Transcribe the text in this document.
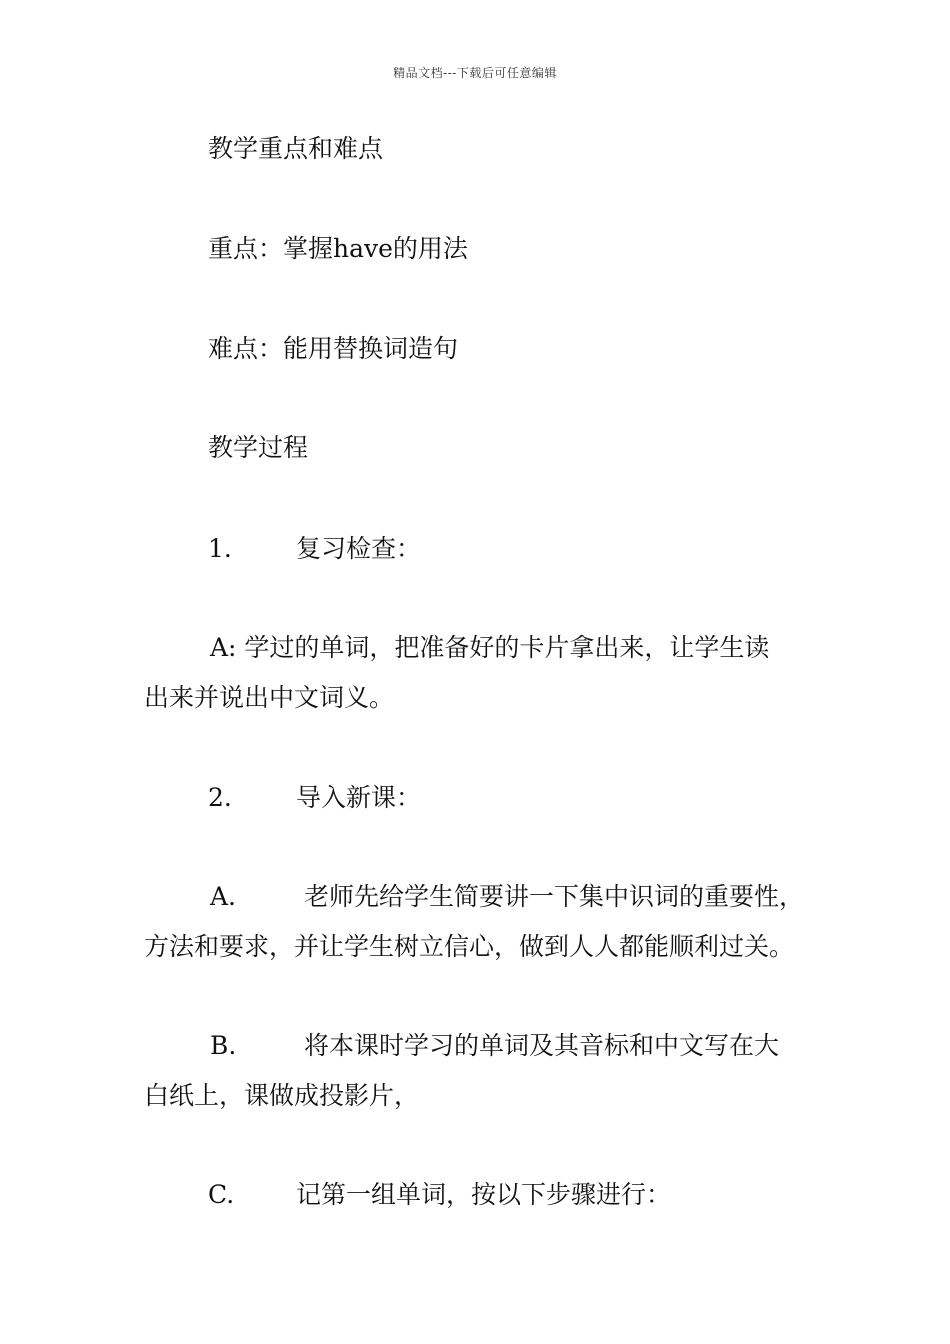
精品文档---下载后可任意编辑
教学重点和难点
重点：掌握have的用法
难点：能用替换词造句
教学过程
1.	复习检查：
A: 学过的单词，把准备好的卡片拿出来，让学生读
出来并说出中文词义。
2.	导入新课：
A.	老师先给学生简要讲一下集中识词的重要性，
方法和要求，并让学生树立信心，做到人人都能顺利过关。
B.	将本课时学习的单词及其音标和中文写在大
白纸上，课做成投影片，
C. 记第一组单词，按以下步骤进行：
